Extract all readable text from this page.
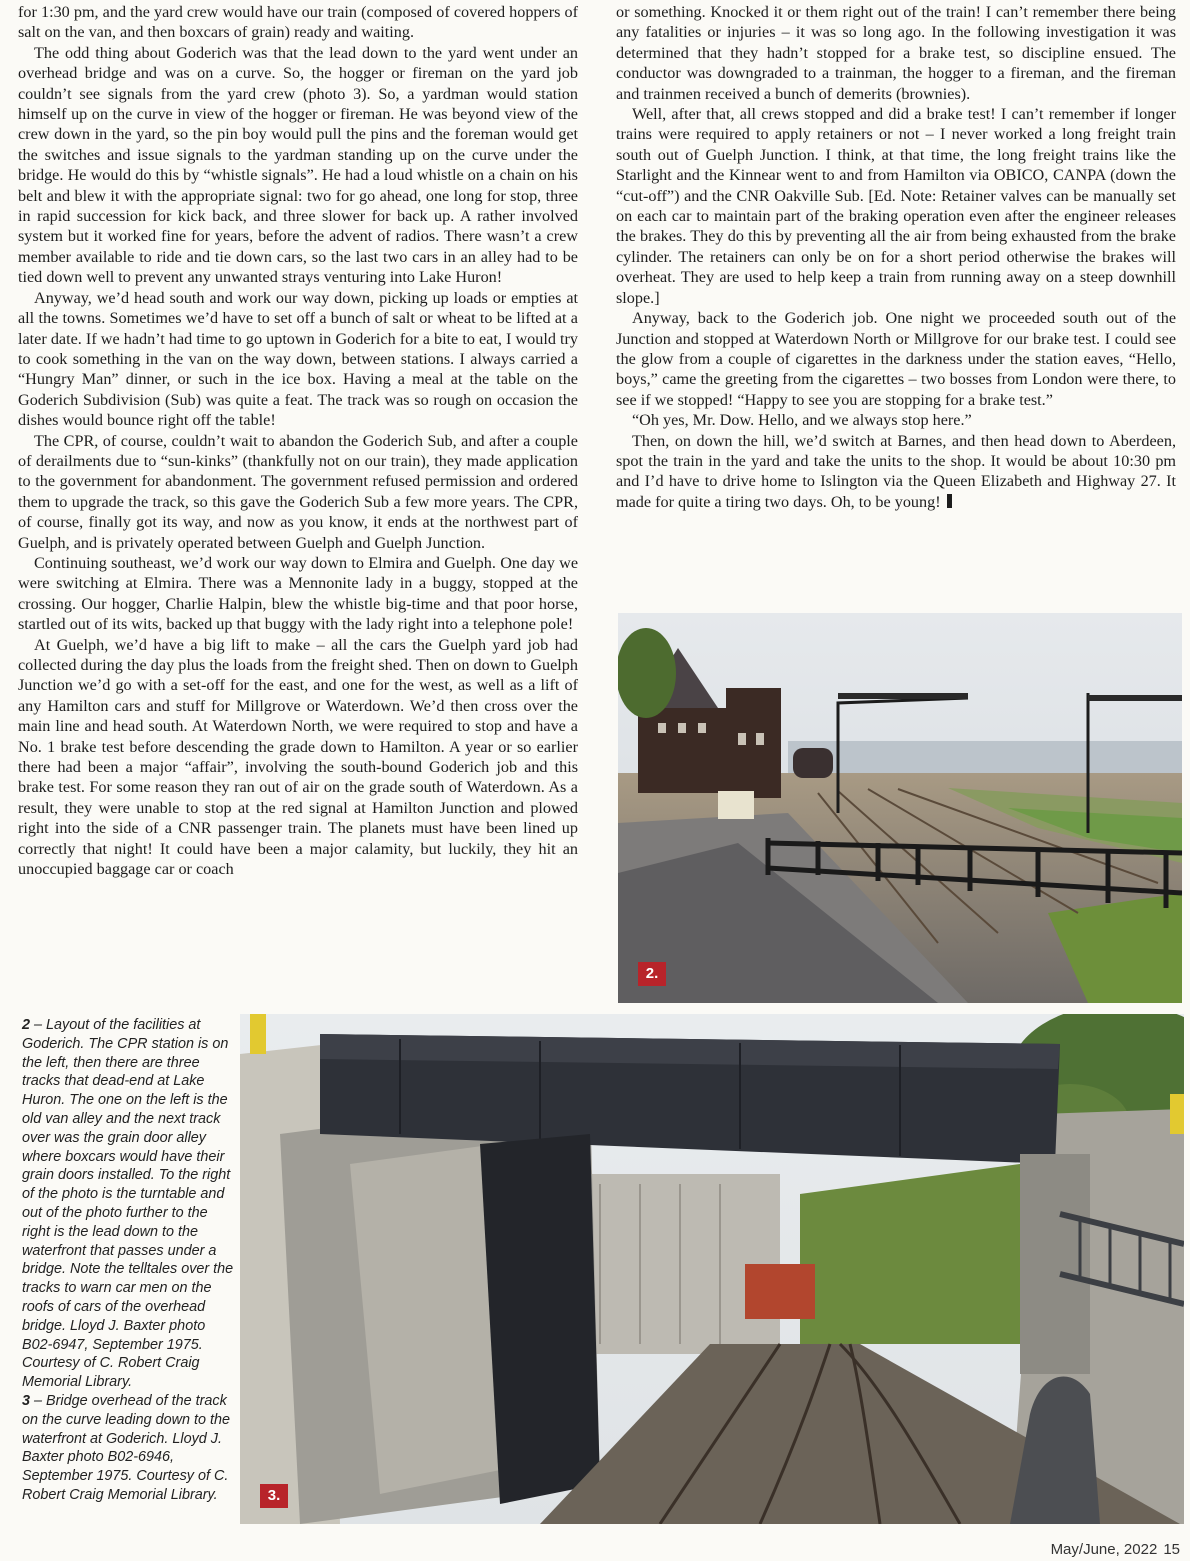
for 1:30 pm, and the yard crew would have our train (composed of covered hoppers of salt on the van, and then boxcars of grain) ready and waiting.

The odd thing about Goderich was that the lead down to the yard went under an overhead bridge and was on a curve. So, the hogger or fireman on the yard job couldn’t see signals from the yard crew (photo 3). So, a yardman would station himself up on the curve in view of the hogger or fireman. He was beyond view of the crew down in the yard, so the pin boy would pull the pins and the foreman would get the switches and issue signals to the yardman standing up on the curve under the bridge. He would do this by “whistle signals”. He had a loud whistle on a chain on his belt and blew it with the appropriate signal: two for go ahead, one long for stop, three in rapid succession for kick back, and three slower for back up. A rather involved system but it worked fine for years, before the advent of radios. There wasn’t a crew member available to ride and tie down cars, so the last two cars in an alley had to be tied down well to prevent any unwanted strays venturing into Lake Huron!

Anyway, we’d head south and work our way down, picking up loads or empties at all the towns. Sometimes we’d have to set off a bunch of salt or wheat to be lifted at a later date. If we hadn’t had time to go uptown in Goderich for a bite to eat, I would try to cook something in the van on the way down, between stations. I always carried a “Hungry Man” dinner, or such in the ice box. Having a meal at the table on the Goderich Subdivision (Sub) was quite a feat. The track was so rough on occasion the dishes would bounce right off the table!

The CPR, of course, couldn’t wait to abandon the Goderich Sub, and after a couple of derailments due to “sun-kinks” (thankfully not on our train), they made application to the government for abandonment. The government refused permission and ordered them to upgrade the track, so this gave the Goderich Sub a few more years. The CPR, of course, finally got its way, and now as you know, it ends at the northwest part of Guelph, and is privately operated between Guelph and Guelph Junction.

Continuing southeast, we’d work our way down to Elmira and Guelph. One day we were switching at Elmira. There was a Mennonite lady in a buggy, stopped at the crossing. Our hogger, Charlie Halpin, blew the whistle big-time and that poor horse, startled out of its wits, backed up that buggy with the lady right into a telephone pole!

At Guelph, we’d have a big lift to make – all the cars the Guelph yard job had collected during the day plus the loads from the freight shed. Then on down to Guelph Junction we’d go with a set-off for the east, and one for the west, as well as a lift of any Hamilton cars and stuff for Millgrove or Waterdown. We’d then cross over the main line and head south. At Waterdown North, we were required to stop and have a No. 1 brake test before descending the grade down to Hamilton. A year or so earlier there had been a major “affair”, involving the south-bound Goderich job and this brake test. For some reason they ran out of air on the grade south of Waterdown. As a result, they were unable to stop at the red signal at Hamilton Junction and plowed right into the side of a CNR passenger train. The planets must have been lined up correctly that night! It could have been a major calamity, but luckily, they hit an unoccupied baggage car or coach

or something. Knocked it or them right out of the train! I can’t remember there being any fatalities or injuries – it was so long ago. In the following investigation it was determined that they hadn’t stopped for a brake test, so discipline ensued. The conductor was downgraded to a trainman, the hogger to a fireman, and the fireman and trainmen received a bunch of demerits (brownies).

Well, after that, all crews stopped and did a brake test! I can’t remember if longer trains were required to apply retainers or not – I never worked a long freight train south out of Guelph Junction. I think, at that time, the long freight trains like the Starlight and the Kinnear went to and from Hamilton via OBICO, CANPA (down the “cut-off”) and the CNR Oakville Sub. [Ed. Note: Retainer valves can be manually set on each car to maintain part of the braking operation even after the engineer releases the brakes. They do this by preventing all the air from being exhausted from the brake cylinder. The retainers can only be on for a short period otherwise the brakes will overheat. They are used to help keep a train from running away on a steep downhill slope.]

Anyway, back to the Goderich job. One night we proceeded south out of the Junction and stopped at Waterdown North or Millgrove for our brake test. I could see the glow from a couple of cigarettes in the darkness under the station eaves, “Hello, boys,” came the greeting from the cigarettes – two bosses from London were there, to see if we stopped! “Happy to see you are stopping for a brake test.”

“Oh yes, Mr. Dow. Hello, and we always stop here.”

Then, on down the hill, we’d switch at Barnes, and then head down to Aberdeen, spot the train in the yard and take the units to the shop. It would be about 10:30 pm and I’d have to drive home to Islington via the Queen Elizabeth and Highway 27. It made for quite a tiring two days. Oh, to be young!

2.
3.

2 – Layout of the facilities at Goderich. The CPR station is on the left, then there are three tracks that dead-end at Lake Huron. The one on the left is the old van alley and the next track over was the grain door alley where boxcars would have their grain doors installed. To the right of the photo is the turntable and out of the photo further to the right is the lead down to the waterfront that passes under a bridge. Note the telltales over the tracks to warn car men on the roofs of cars of the overhead bridge. Lloyd J. Baxter photo B02-6947, September 1975. Courtesy of C. Robert Craig Memorial Library.

3 – Bridge overhead of the track on the curve leading down to the waterfront at Goderich. Lloyd J. Baxter photo B02-6946, September 1975. Courtesy of C. Robert Craig Memorial Library.

May/June, 2022 15
